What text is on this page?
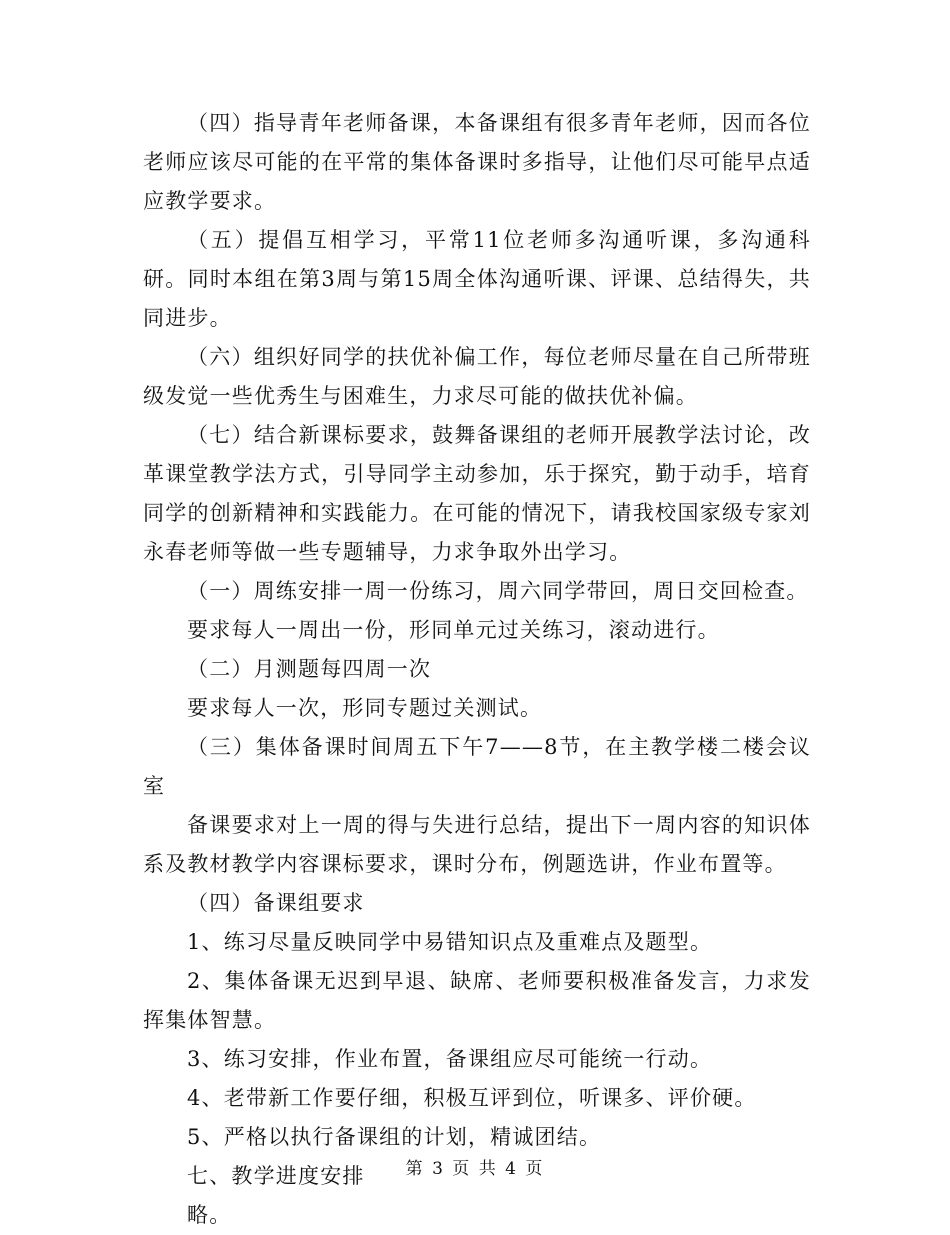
（四）指导青年老师备课，本备课组有很多青年老师，因而各位老师应该尽可能的在平常的集体备课时多指导，让他们尽可能早点适应教学要求。

（五）提倡互相学习，平常11位老师多沟通听课，多沟通科研。同时本组在第3周与第15周全体沟通听课、评课、总结得失，共同进步。

（六）组织好同学的扶优补偏工作，每位老师尽量在自己所带班级发觉一些优秀生与困难生，力求尽可能的做扶优补偏。

（七）结合新课标要求，鼓舞备课组的老师开展教学法讨论，改革课堂教学法方式，引导同学主动参加，乐于探究，勤于动手，培育同学的创新精神和实践能力。在可能的情况下，请我校国家级专家刘永春老师等做一些专题辅导，力求争取外出学习。

（一）周练安排一周一份练习，周六同学带回，周日交回检查。

要求每人一周出一份，形同单元过关练习，滚动进行。

（二）月测题每四周一次

要求每人一次，形同专题过关测试。

（三）集体备课时间周五下午7——8节，在主教学楼二楼会议室

备课要求对上一周的得与失进行总结，提出下一周内容的知识体系及教材教学内容课标要求，课时分布，例题选讲，作业布置等。

（四）备课组要求

1、练习尽量反映同学中易错知识点及重难点及题型。

2、集体备课无迟到早退、缺席、老师要积极准备发言，力求发挥集体智慧。

3、练习安排，作业布置，备课组应尽可能统一行动。

4、老带新工作要仔细，积极互评到位，听课多、评价硬。

5、严格以执行备课组的计划，精诚团结。

七、教学进度安排

略。

第 3 页 共 4 页
